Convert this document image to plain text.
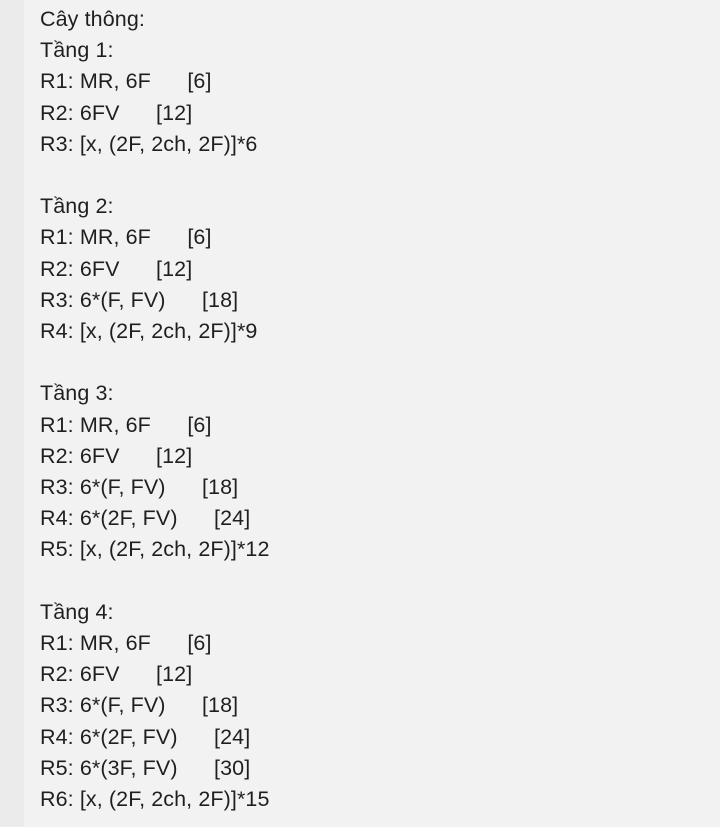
Cây thông:
Tầng 1:
R1: MR, 6F      [6]
R2: 6FV      [12]
R3: [x, (2F, 2ch, 2F)]*6
Tầng 2:
R1: MR, 6F      [6]
R2: 6FV      [12]
R3: 6*(F, FV)      [18]
R4: [x, (2F, 2ch, 2F)]*9
Tầng 3:
R1: MR, 6F      [6]
R2: 6FV      [12]
R3: 6*(F, FV)      [18]
R4: 6*(2F, FV)      [24]
R5: [x, (2F, 2ch, 2F)]*12
Tầng 4:
R1: MR, 6F      [6]
R2: 6FV      [12]
R3: 6*(F, FV)      [18]
R4: 6*(2F, FV)      [24]
R5: 6*(3F, FV)      [30]
R6: [x, (2F, 2ch, 2F)]*15
